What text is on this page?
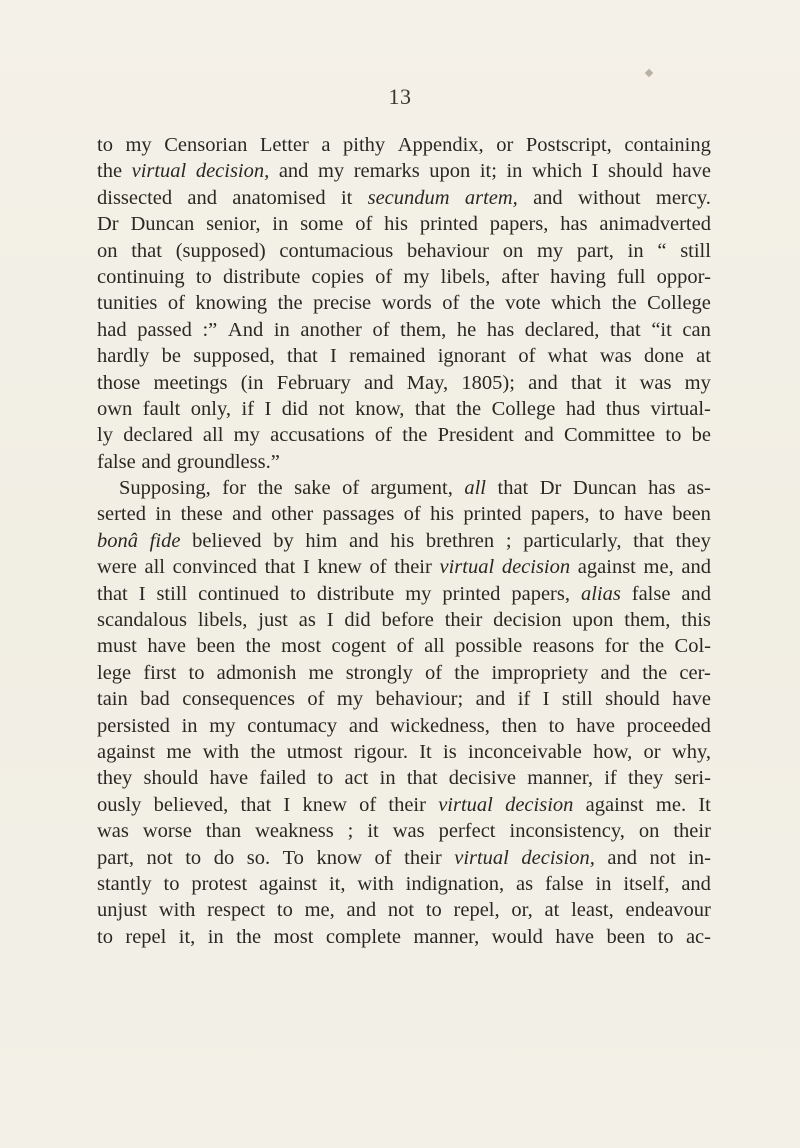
13
to my Censorian Letter a pithy Appendix, or Postscript, containing
the virtual decision, and my remarks upon it; in which I should have
dissected and anatomised it secundum artem, and without mercy.
Dr Duncan senior, in some of his printed papers, has animadverted
on that (supposed) contumacious behaviour on my part, in “ still
continuing to distribute copies of my libels, after having full oppor-
tunities of knowing the precise words of the vote which the College
had passed :” And in another of them, he has declared, that “it can
hardly be supposed, that I remained ignorant of what was done at
those meetings (in February and May, 1805); and that it was my
own fault only, if I did not know, that the College had thus virtual-
ly declared all my accusations of the President and Committee to be
false and groundless.”
Supposing, for the sake of argument, all that Dr Duncan has as-
serted in these and other passages of his printed papers, to have been
bonâ fide believed by him and his brethren ; particularly, that they
were all convinced that I knew of their virtual decision against me, and
that I still continued to distribute my printed papers, alias false and
scandalous libels, just as I did before their decision upon them, this
must have been the most cogent of all possible reasons for the Col-
lege first to admonish me strongly of the impropriety and the cer-
tain bad consequences of my behaviour; and if I still should have
persisted in my contumacy and wickedness, then to have proceeded
against me with the utmost rigour. It is inconceivable how, or why,
they should have failed to act in that decisive manner, if they seri-
ously believed, that I knew of their virtual decision against me. It
was worse than weakness ; it was perfect inconsistency, on their
part, not to do so. To know of their virtual decision, and not in-
stantly to protest against it, with indignation, as false in itself, and
unjust with respect to me, and not to repel, or, at least, endeavour
to repel it, in the most complete manner, would have been to ac-
